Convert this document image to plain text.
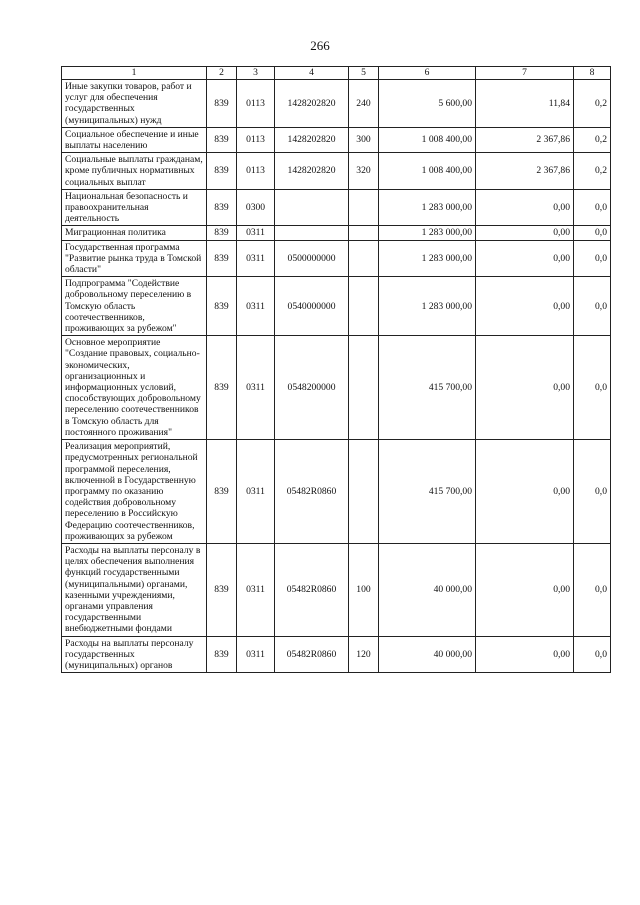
266
1	2	3	4	5	6	7	8
Иные закупки товаров, работ и услуг для обеспечения государственных (муниципальных) нужд	839	0113	1428202820	240	5 600,00	11,84	0,2
Социальное обеспечение и иные выплаты населению	839	0113	1428202820	300	1 008 400,00	2 367,86	0,2
Социальные выплаты гражданам, кроме публичных нормативных социальных выплат	839	0113	1428202820	320	1 008 400,00	2 367,86	0,2
Национальная безопасность и правоохранительная деятельность	839	0300			1 283 000,00	0,00	0,0
Миграционная политика	839	0311			1 283 000,00	0,00	0,0
Государственная программа "Развитие рынка труда в Томской области"	839	0311	0500000000		1 283 000,00	0,00	0,0
Подпрограмма "Содействие добровольному переселению в Томскую область соотечественников, проживающих за рубежом"	839	0311	0540000000		1 283 000,00	0,00	0,0
Основное мероприятие "Создание правовых, социально-экономических, организационных и информационных условий, способствующих добровольному переселению соотечественников в Томскую область для постоянного проживания"	839	0311	0548200000		415 700,00	0,00	0,0
Реализация мероприятий, предусмотренных региональной программой переселения, включенной в Государственную программу по оказанию содействия добровольному переселению в Российскую Федерацию соотечественников, проживающих за рубежом	839	0311	05482R0860		415 700,00	0,00	0,0
Расходы на выплаты персоналу в целях обеспечения выполнения функций государственными (муниципальными) органами, казенными учреждениями, органами управления государственными внебюджетными фондами	839	0311	05482R0860	100	40 000,00	0,00	0,0
Расходы на выплаты персоналу государственных (муниципальных) органов	839	0311	05482R0860	120	40 000,00	0,00	0,0
